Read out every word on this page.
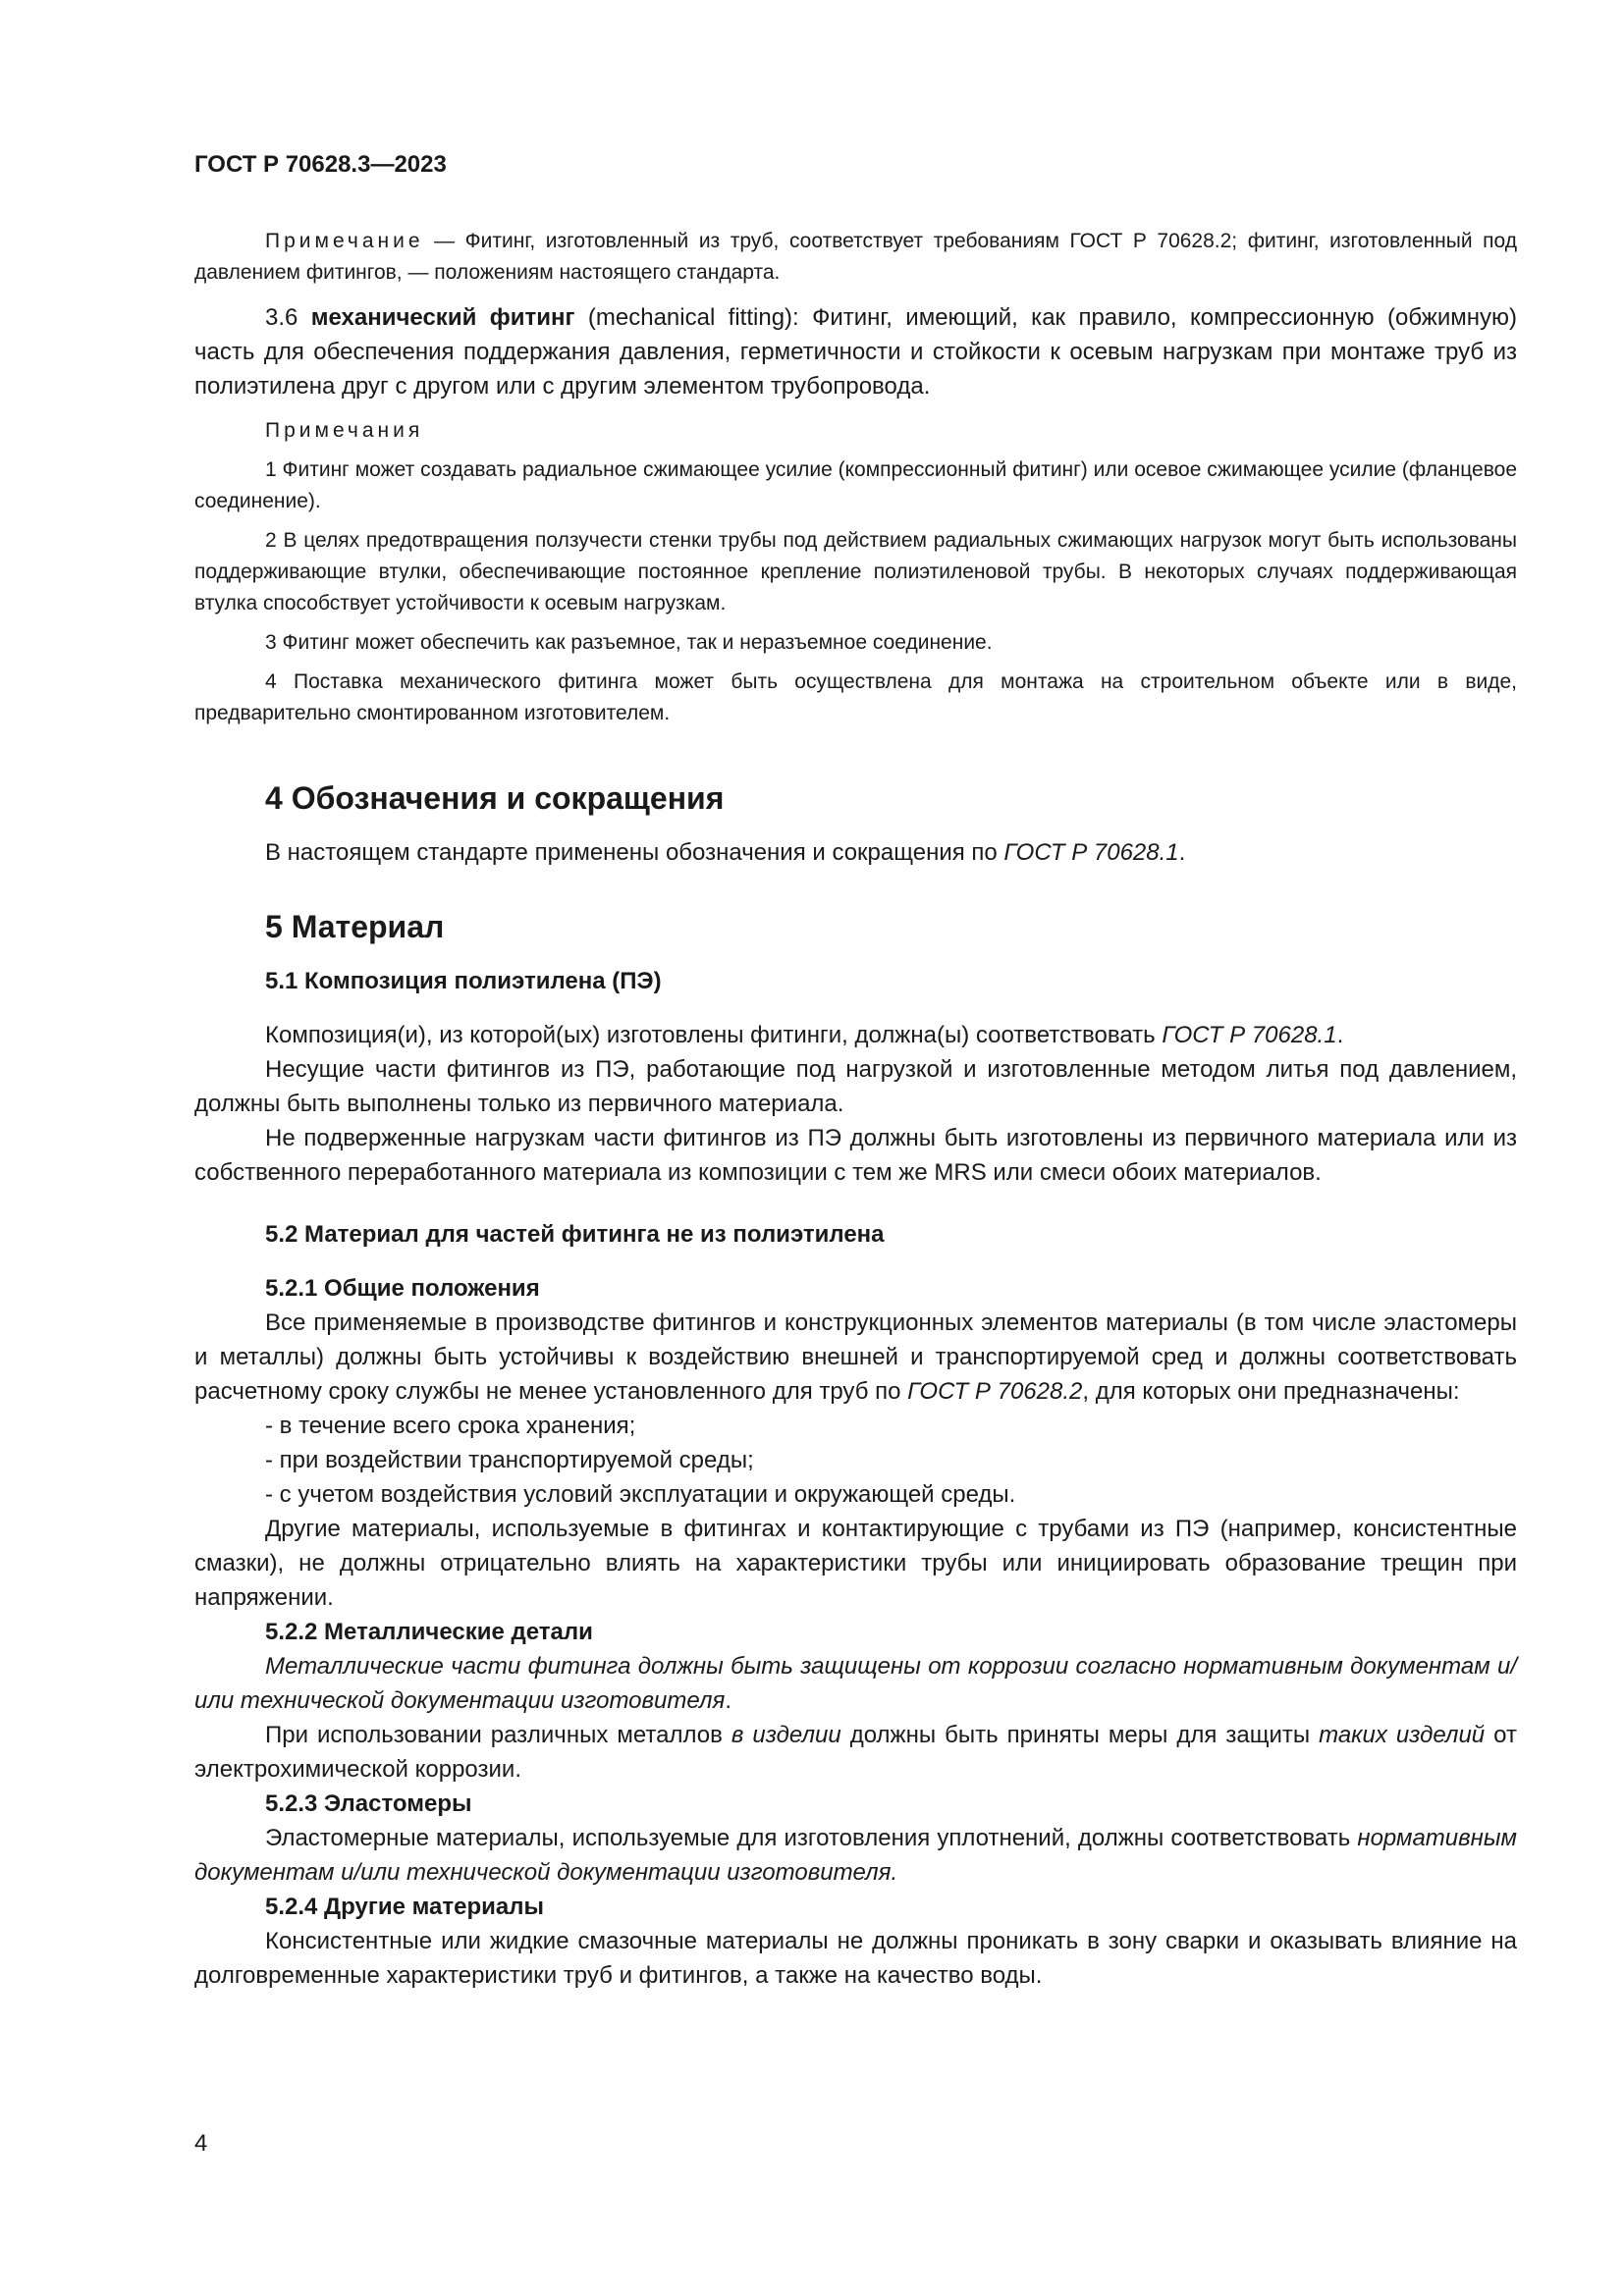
ГОСТ Р 70628.3—2023

Примечание — Фитинг, изготовленный из труб, соответствует требованиям ГОСТ Р 70628.2; фитинг, изготовленный под давлением фитингов, — положениям настоящего стандарта.

3.6 механический фитинг (mechanical fitting): Фитинг, имеющий, как правило, компрессионную (обжимную) часть для обеспечения поддержания давления, герметичности и стойкости к осевым нагрузкам при монтаже труб из полиэтилена друг с другом или с другим элементом трубопровода.

Примечания

1 Фитинг может создавать радиальное сжимающее усилие (компрессионный фитинг) или осевое сжимающее усилие (фланцевое соединение).

2 В целях предотвращения ползучести стенки трубы под действием радиальных сжимающих нагрузок могут быть использованы поддерживающие втулки, обеспечивающие постоянное крепление полиэтиленовой трубы. В некоторых случаях поддерживающая втулка способствует устойчивости к осевым нагрузкам.

3 Фитинг может обеспечить как разъемное, так и неразъемное соединение.

4 Поставка механического фитинга может быть осуществлена для монтажа на строительном объекте или в виде, предварительно смонтированном изготовителем.

4 Обозначения и сокращения

В настоящем стандарте применены обозначения и сокращения по ГОСТ Р 70628.1.

5 Материал
5.1 Композиция полиэтилена (ПЭ)

Композиция(и), из которой(ых) изготовлены фитинги, должна(ы) соответствовать ГОСТ Р 70628.1.

Несущие части фитингов из ПЭ, работающие под нагрузкой и изготовленные методом литья под давлением, должны быть выполнены только из первичного материала.

Не подверженные нагрузкам части фитингов из ПЭ должны быть изготовлены из первичного материала или из собственного переработанного материала из композиции с тем же MRS или смеси обоих материалов.

5.2 Материал для частей фитинга не из полиэтилена
5.2.1 Общие положения

Все применяемые в производстве фитингов и конструкционных элементов материалы (в том числе эластомеры и металлы) должны быть устойчивы к воздействию внешней и транспортируемой сред и должны соответствовать расчетному сроку службы не менее установленного для труб по ГОСТ Р 70628.2, для которых они предназначены:

- в течение всего срока хранения;

- при воздействии транспортируемой среды;

- с учетом воздействия условий эксплуатации и окружающей среды.

Другие материалы, используемые в фитингах и контактирующие с трубами из ПЭ (например, консистентные смазки), не должны отрицательно влиять на характеристики трубы или инициировать образование трещин при напряжении.

5.2.2 Металлические детали

Металлические части фитинга должны быть защищены от коррозии согласно нормативным документам и/или технической документации изготовителя.

При использовании различных металлов в изделии должны быть приняты меры для защиты таких изделий от электрохимической коррозии.

5.2.3 Эластомеры

Эластомерные материалы, используемые для изготовления уплотнений, должны соответствовать нормативным документам и/или технической документации изготовителя.

5.2.4 Другие материалы

Консистентные или жидкие смазочные материалы не должны проникать в зону сварки и оказывать влияние на долговременные характеристики труб и фитингов, а также на качество воды.

4
